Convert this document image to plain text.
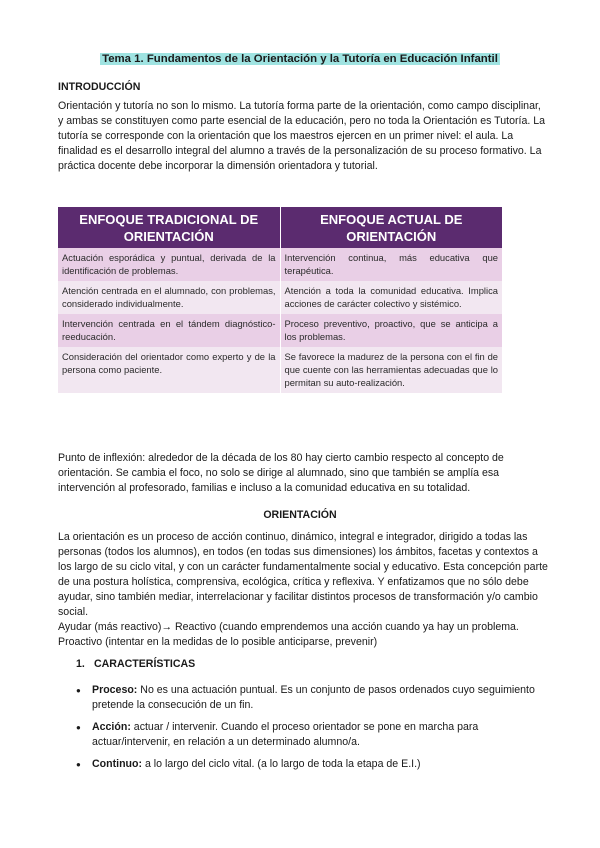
Tema 1. Fundamentos de la Orientación y la Tutoría en Educación Infantil
INTRODUCCIÓN

Orientación y tutoría no son lo mismo. La tutoría forma parte de la orientación, como campo disciplinar, y ambas se constituyen como parte esencial de la educación, pero no toda la Orientación es Tutoría. La tutoría se corresponde con la orientación que los maestros ejercen en un primer nivel: el aula. La finalidad es el desarrollo integral del alumno a través de la personalización de su proceso formativo. La práctica docente debe incorporar la dimensión orientadora y tutorial.

ENFOQUE TRADICIONAL DE ORIENTACIÓN	ENFOQUE ACTUAL DE ORIENTACIÓN
Actuación esporádica y puntual, derivada de la identificación de problemas.	Intervención continua, más educativa que terapéutica.
Atención centrada en el alumnado, con problemas, considerado individualmente.	Atención a toda la comunidad educativa. Implica acciones de carácter colectivo y sistémico.
Intervención centrada en el tándem diagnóstico-reeducación.	Proceso preventivo, proactivo, que se anticipa a los problemas.
Consideración del orientador como experto y de la persona como paciente.	Se favorece la madurez de la persona con el fin de que cuente con las herramientas adecuadas que lo permitan su auto-realización.

Punto de inflexión: alrededor de la década de los 80 hay cierto cambio respecto al concepto de orientación. Se cambia el foco, no solo se dirige al alumnado, sino que también se amplía esa intervención al profesorado, familias e incluso a la comunidad educativa en su totalidad.

ORIENTACIÓN

La orientación es un proceso de acción continuo, dinámico, integral e integrador, dirigido a todas las personas (todos los alumnos), en todos (en todas sus dimensiones) los ámbitos, facetas y contextos a los largo de su ciclo vital, y con un carácter fundamentalmente social y educativo. Esta concepción parte de una postura holística, comprensiva, ecológica, crítica y reflexiva. Y enfatizamos que no sólo debe ayudar, sino también mediar, interrelacionar y facilitar distintos procesos de transformación y/o cambio social.

Ayudar (más reactivo)→ Reactivo (cuando emprendemos una acción cuando ya hay un problema.

Proactivo (intentar en la medidas de lo posible anticiparse, prevenir)

1. CARACTERÍSTICAS
● Proceso: No es una actuación puntual. Es un conjunto de pasos ordenados cuyo seguimiento pretende la consecución de un fin.
● Acción: actuar / intervenir. Cuando el proceso orientador se pone en marcha para actuar/intervenir, en relación a un determinado alumno/a.
● Continuo: a lo largo del ciclo vital. (a lo largo de toda la etapa de E.I.)
